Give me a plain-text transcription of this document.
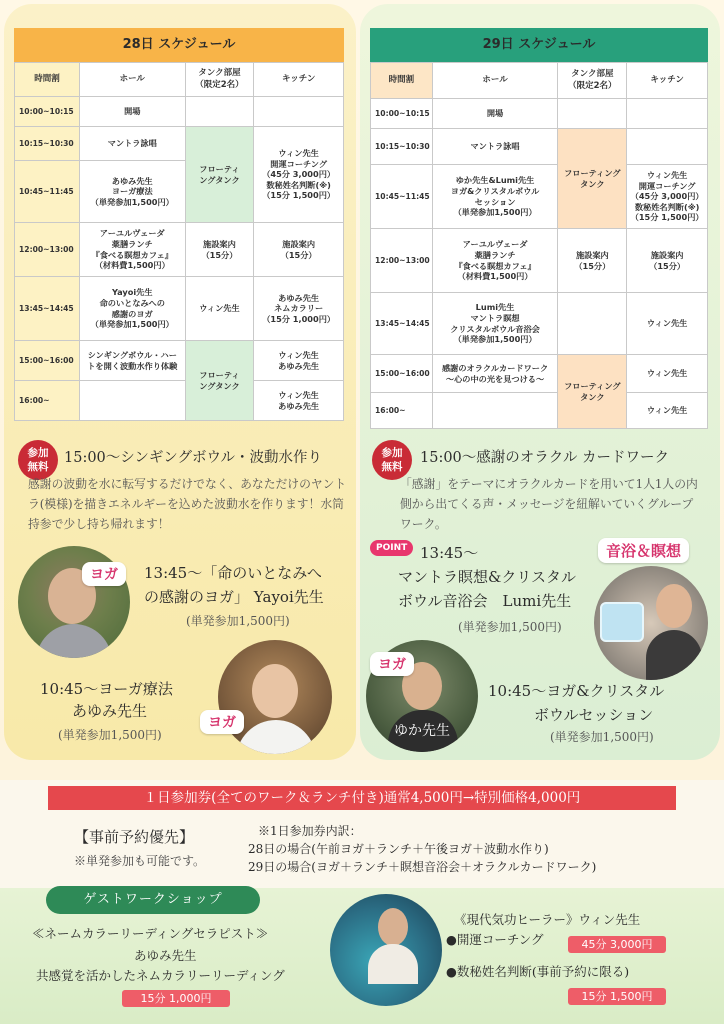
28日 スケジュール
時間割	ホール	タンク部屋
（限定2名）	キッチン
10:00~10:15	開場		
10:15~10:30	マントラ詠唱	フローティ
ングタンク	ウィン先生
開運コーチング
（45分 3,000円）
数秘姓名判断(※)
（15分 1,500円）
10:45~11:45	あゆみ先生
ヨーガ療法
（単発参加1,500円）		
12:00~13:00	アーユルヴェーダ
薬膳ランチ
『食べる瞑想カフェ』
（材料費1,500円）	施設案内
（15分）	施設案内
（15分）
13:45~14:45	Yayoi先生
命のいとなみへの
感謝のヨガ
（単発参加1,500円）	ウィン先生	あゆみ先生
ネムカラリー
（15分 1,000円）
15:00~16:00	シンギングボウル・ハー
トを開く波動水作り体験	フローティ
ングタンク	ウィン先生
あゆみ先生
16:00~			ウィン先生
あゆみ先生
29日 スケジュール
時間割	ホール	タンク部屋
（限定2名）	キッチン
10:00~10:15	開場		
10:15~10:30	マントラ詠唱	フローティング
タンク	
10:45~11:45	ゆか先生&Lumi先生
ヨガ&クリスタルボウル
セッション
（単発参加1,500円）		ウィン先生
開運コーチング
（45分 3,000円）
数秘姓名判断(※)
（15分 1,500円）
12:00~13:00	アーユルヴェーダ
薬膳ランチ
『食べる瞑想カフェ』
（材料費1,500円）	施設案内
（15分）	施設案内
（15分）
13:45~14:45	Lumi先生
マントラ瞑想
クリスタルボウル音浴会
（単発参加1,500円）		ウィン先生
15:00~16:00	感謝のオラクルカードワーク
〜心の中の光を見つける〜	フローティング
タンク	ウィン先生
16:00~			ウィン先生
参加
無料
15:00〜シンギングボウル・波動水作り
感謝の波動を水に転写するだけでなく、あなただけのヤントラ(模様)を描きエネルギーを込めた波動水を作ります！水筒持参で少し持ち帰れます！
ヨガ	13:45〜「命のいとなみへ
の感謝のヨガ」 Yayoi先生
(単発参加1,500円)
ヨガ
10:45〜ヨーガ療法
あゆみ先生
(単発参加1,500円)
参加
無料
15:00〜感謝のオラクル カードワーク
「感謝」をテーマにオラクルカードを用いて1人1人の内側から出てくる声・メッセージを紐解いていくグループワーク。
POINT 13:45〜
マントラ瞑想&クリスタル
ボウル音浴会　Lumi先生
(単発参加1,500円)
音浴＆瞑想
ヨガ
ゆか先生
10:45〜ヨガ&クリスタル
ボウルセッション
(単発参加1,500円)
１日参加券(全てのワーク＆ランチ付き)通常4,500円→特別価格4,000円
【事前予約優先】
※単発参加も可能です。
※1日参加券内訳：
28日の場合(午前ヨガ＋ランチ＋午後ヨガ＋波動水作り)
29日の場合(ヨガ＋ランチ＋瞑想音浴会＋オラクルカードワーク)
ゲストワークショップ
≪ネームカラーリーディングセラピスト≫
あゆみ先生
共感覚を活かしたネムカラリーリーディング
15分 1,000円
《現代気功ヒーラー》ウィン先生
●開運コーチング	45分 3,000円
●数秘姓名判断(事前予約に限る)
15分 1,500円
